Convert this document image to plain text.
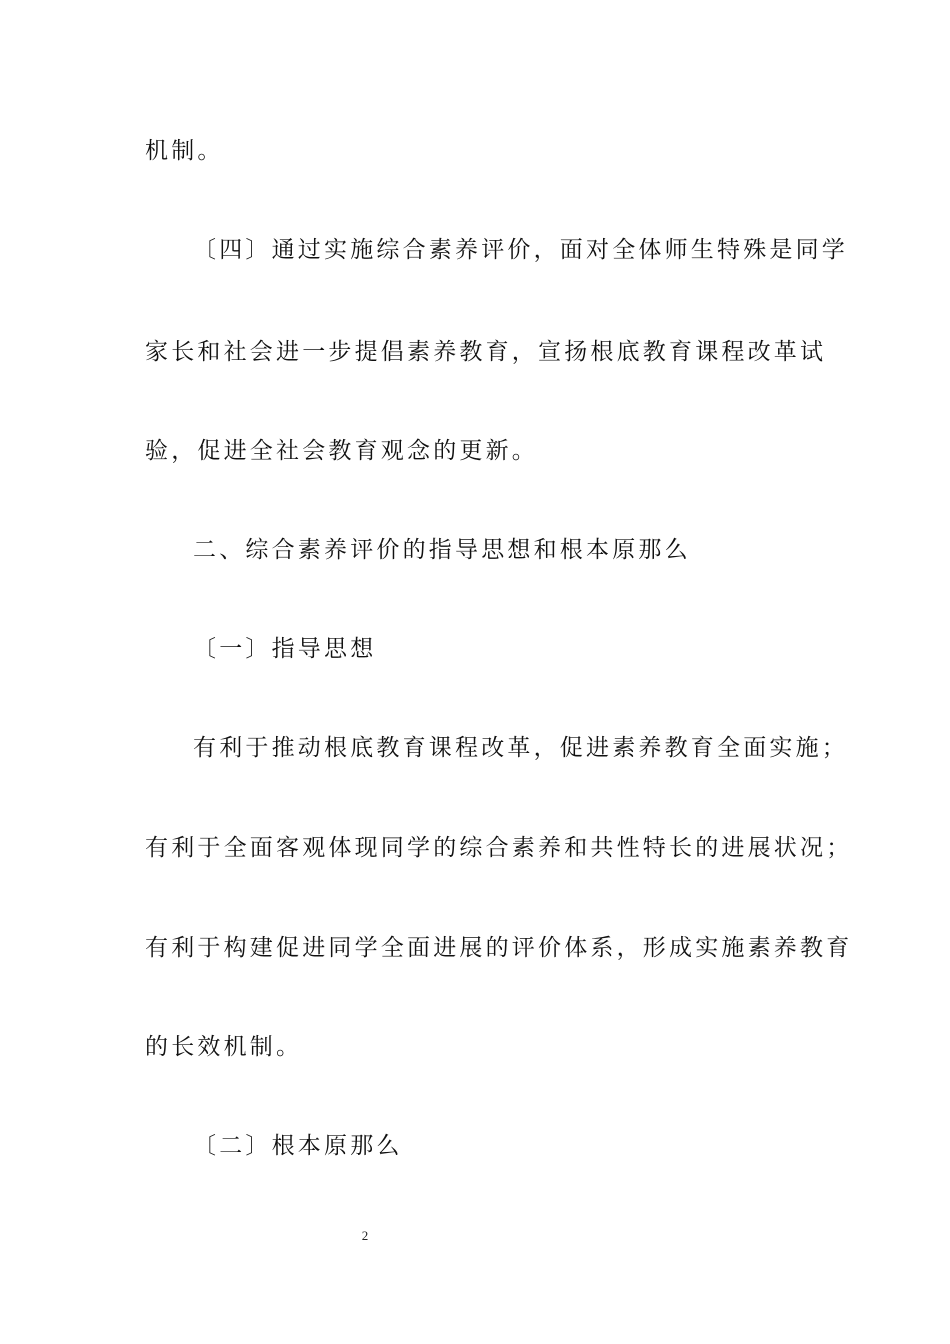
机制。
〔四〕通过实施综合素养评价，面对全体师生特殊是同学
家长和社会进一步提倡素养教育，宣扬根底教育课程改革试
验，促进全社会教育观念的更新。
二、综合素养评价的指导思想和根本原那么
〔一〕指导思想
有利于推动根底教育课程改革，促进素养教育全面实施；
有利于全面客观体现同学的综合素养和共性特长的进展状况；
有利于构建促进同学全面进展的评价体系，形成实施素养教育
的长效机制。
〔二〕根本原那么
2
